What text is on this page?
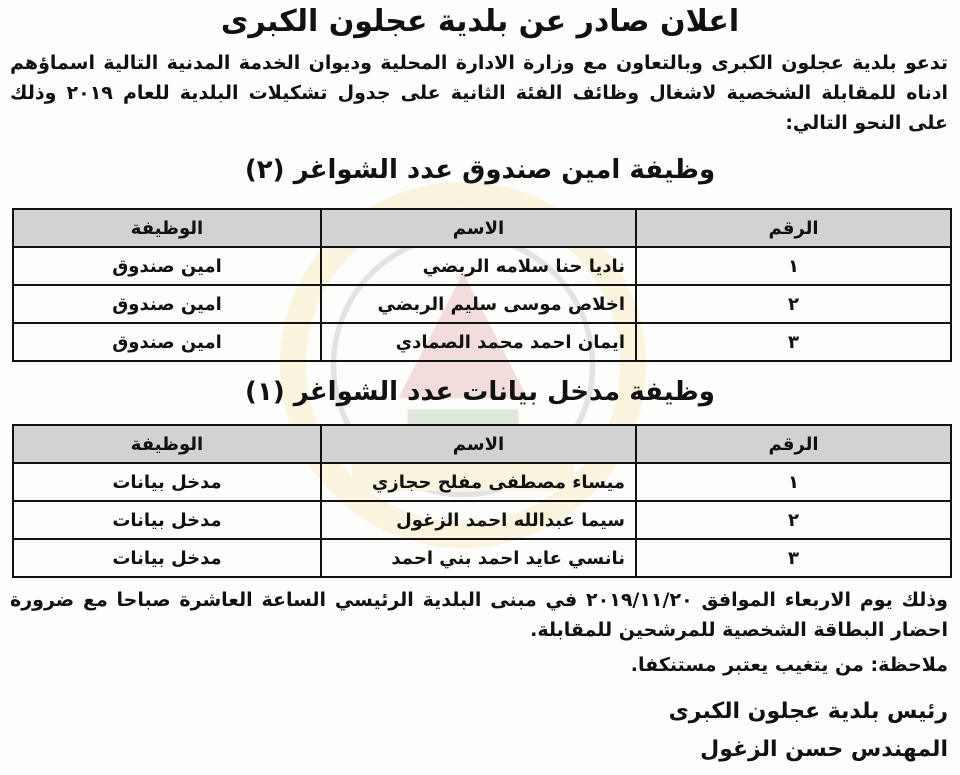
اعلان صادر عن بلدية عجلون الكبرى

تدعو بلدية عجلون الكبرى وبالتعاون مع وزارة الادارة المحلية وديوان الخدمة المدنية التالية اسماؤهم ادناه للمقابلة الشخصية لاشغال وظائف الفئة الثانية على جدول تشكيلات البلدية للعام ٢٠١٩ وذلك على النحو التالي:

وظيفة امين صندوق عدد الشواغر (٢)
الرقم	الاسم	الوظيفة
١	ناديا حنا سلامه الربضي	امين صندوق
٢	اخلاص موسى سليم الربضي	امين صندوق
٣	ايمان احمد محمد الصمادي	امين صندوق
وظيفة مدخل بيانات عدد الشواغر (١)
الرقم	الاسم	الوظيفة
١	ميساء مصطفى مفلح حجازي	مدخل بيانات
٢	سيما عبدالله احمد الزغول	مدخل بيانات
٣	نانسي عايد احمد بني احمد	مدخل بيانات

وذلك يوم الاربعاء الموافق ٢٠١٩/١١/٢٠ في مبنى البلدية الرئيسي الساعة العاشرة صباحا مع ضرورة احضار البطاقة الشخصية للمرشحين للمقابلة.

ملاحظة: من يتغيب يعتبر مستنكفا.

رئيس بلدية عجلون الكبرى

المهندس حسن الزغول
